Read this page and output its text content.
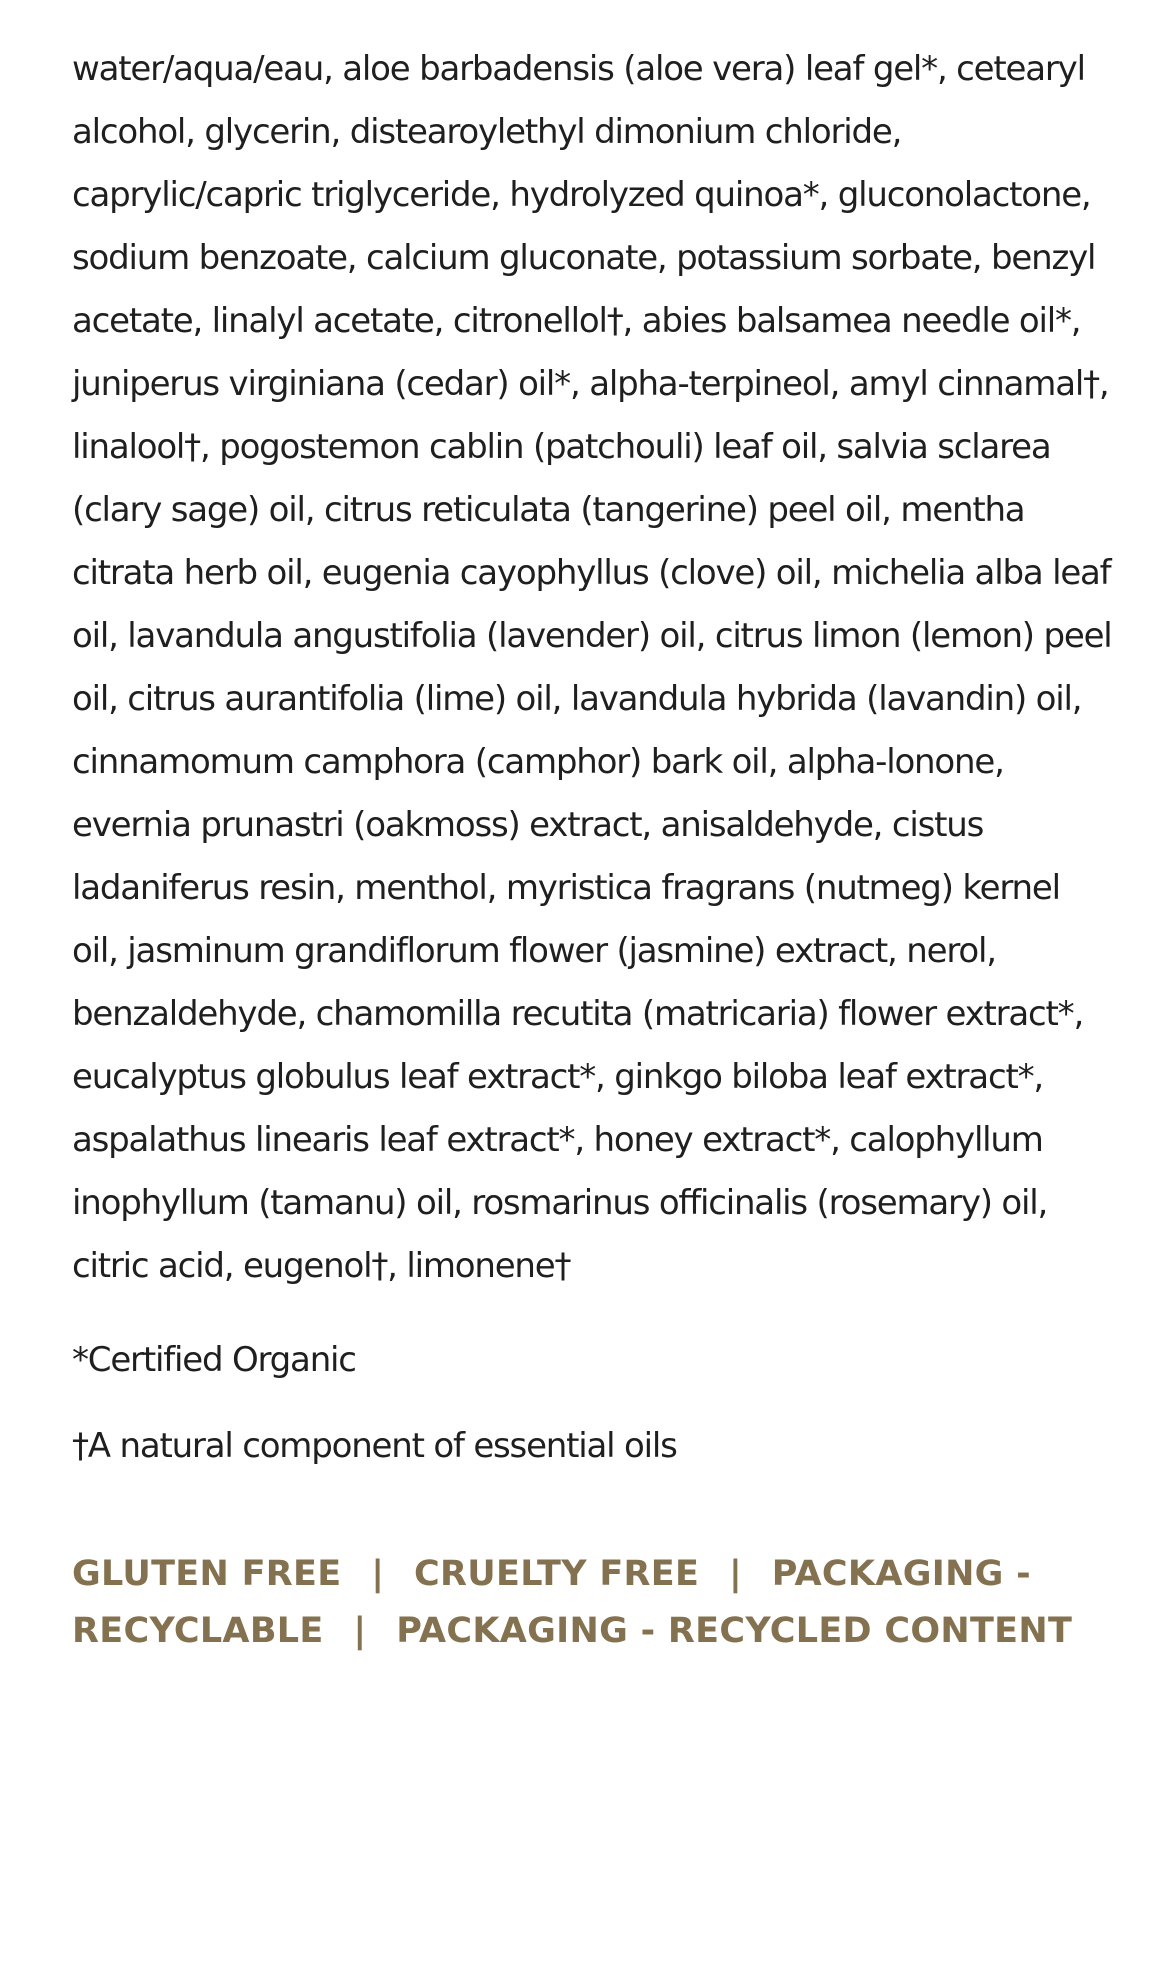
water/aqua/eau, aloe barbadensis (aloe vera) leaf gel*, cetearyl alcohol, glycerin, distearoylethyl dimonium chloride, caprylic/capric triglyceride, hydrolyzed quinoa*, gluconolactone, sodium benzoate, calcium gluconate, potassium sorbate, benzyl acetate, linalyl acetate, citronellol†, abies balsamea needle oil*, juniperus virginiana (cedar) oil*, alpha-terpineol, amyl cinnamal†, linalool†, pogostemon cablin (patchouli) leaf oil, salvia sclarea (clary sage) oil, citrus reticulata (tangerine) peel oil, mentha citrata herb oil, eugenia cayophyllus (clove) oil, michelia alba leaf oil, lavandula angustifolia (lavender) oil, citrus limon (lemon) peel oil, citrus aurantifolia (lime) oil, lavandula hybrida (lavandin) oil, cinnamomum camphora (camphor) bark oil, alpha-lonone, evernia prunastri (oakmoss) extract, anisaldehyde, cistus ladaniferus resin, menthol, myristica fragrans (nutmeg) kernel oil, jasminum grandiflorum flower (jasmine) extract, nerol, benzaldehyde, chamomilla recutita (matricaria) flower extract*, eucalyptus globulus leaf extract*, ginkgo biloba leaf extract*, aspalathus linearis leaf extract*, honey extract*, calophyllum inophyllum (tamanu) oil, rosmarinus officinalis (rosemary) oil, citric acid, eugenol†, limonene†

*Certified Organic

†A natural component of essential oils

GLUTEN FREE | CRUELTY FREE | PACKAGING - RECYCLABLE | PACKAGING - RECYCLED CONTENT
